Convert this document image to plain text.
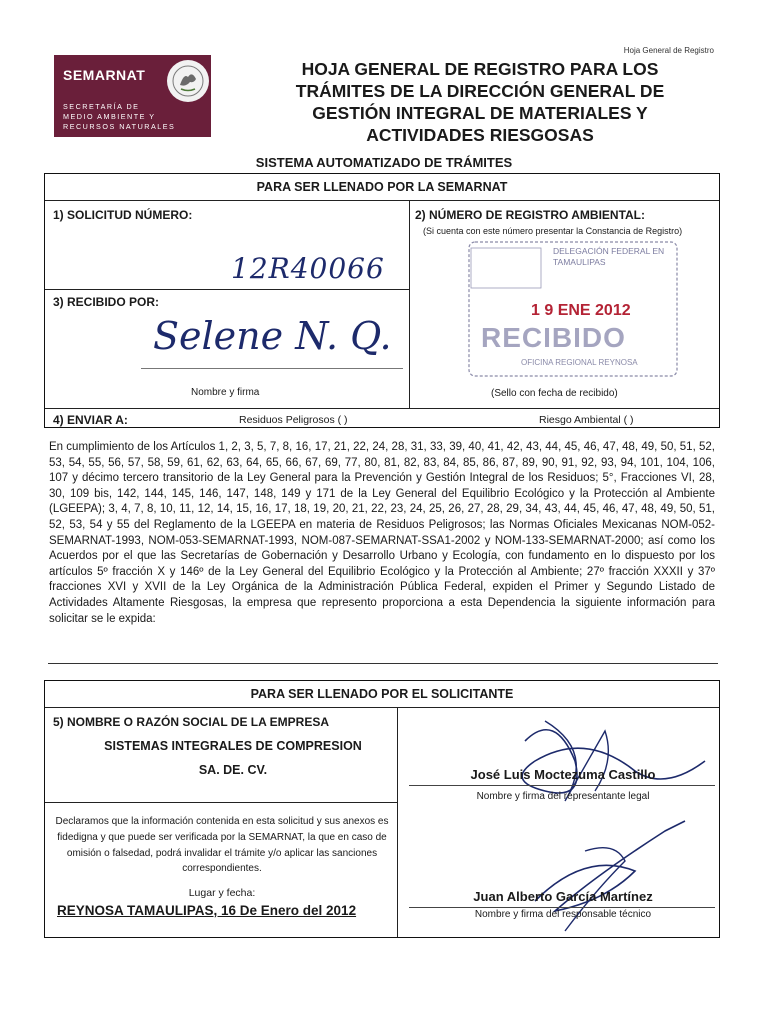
Hoja General de Registro
SEMARNAT
SECRETARÍA DE
MEDIO AMBIENTE Y
RECURSOS NATURALES
HOJA GENERAL DE REGISTRO PARA LOS
TRÁMITES DE LA DIRECCIÓN GENERAL DE
GESTIÓN INTEGRAL DE MATERIALES Y
ACTIVIDADES RIESGOSAS
SISTEMA AUTOMATIZADO DE TRÁMITES
PARA SER LLENADO POR LA SEMARNAT
1) SOLICITUD NÚMERO:
12R40066
2) NÚMERO DE REGISTRO AMBIENTAL:
(Si cuenta con este número presentar la Constancia de Registro)
3) RECIBIDO POR:
Selene N. Q.
Nombre y firma	(Sello con fecha de recibido)
DELEGACIÓN FEDERAL EN TAMAULIPAS
1 9 ENE 2012
RECIBIDO
OFICINA REGIONAL REYNOSA
4) ENVIAR A:	Residuos Peligrosos ( )	Riesgo Ambiental ( )
En cumplimiento de los Artículos 1, 2, 3, 5, 7, 8, 16, 17, 21, 22, 24, 28, 31, 33, 39, 40, 41, 42, 43, 44, 45, 46, 47, 48, 49, 50, 51, 52, 53, 54, 55, 56, 57, 58, 59, 61, 62, 63, 64, 65, 66, 67, 69, 77, 80, 81, 82, 83, 84, 85, 86, 87, 89, 90, 91, 92, 93, 94, 101, 104, 106, 107 y décimo tercero transitorio de la Ley General para la Prevención y Gestión Integral de los Residuos; 5°, Fracciones VI, 28, 30, 109 bis, 142, 144, 145, 146, 147, 148, 149 y 171 de la Ley General del Equilibrio Ecológico y la Protección al Ambiente (LGEEPA); 3, 4, 7, 8, 10, 11, 12, 14, 15, 16, 17, 18, 19, 20, 21, 22, 23, 24, 25, 26, 27, 28, 29, 34, 43, 44, 45, 46, 47, 48, 49, 50, 51, 52, 53, 54 y 55 del Reglamento de la LGEEPA en materia de Residuos Peligrosos; las Normas Oficiales Mexicanas NOM-052-SEMARNAT-1993, NOM-053-SEMARNAT-1993, NOM-087-SEMARNAT-SSA1-2002 y NOM-133-SEMARNAT-2000; así como los Acuerdos por el que las Secretarías de Gobernación y Desarrollo Urbano y Ecología, con fundamento en lo dispuesto por los artículos 5º fracción X y 146º de la Ley General del Equilibrio Ecológico y la Protección al Ambiente; 27º fracción XXXII y 37º fracciones XVI y XVII de la Ley Orgánica de la Administración Pública Federal, expiden el Primer y Segundo Listado de Actividades Altamente Riesgosas, la empresa que represento proporciona a esta Dependencia la siguiente información para solicitar se le expida:
PARA SER LLENADO POR EL SOLICITANTE
5) NOMBRE O RAZÓN SOCIAL DE LA EMPRESA
SISTEMAS INTEGRALES DE COMPRESION
SA. DE. CV.
Declaramos que la información contenida en esta solicitud y sus anexos es fidedigna y que puede ser verificada por la SEMARNAT, la que en caso de omisión o falsedad, podrá invalidar el trámite y/o aplicar las sanciones correspondientes.
Lugar y fecha:
REYNOSA TAMAULIPAS, 16 De Enero del 2012
José Luis Moctezuma Castillo
Nombre y firma del representante legal
Juan Alberto García Martínez
Nombre y firma del responsable técnico
